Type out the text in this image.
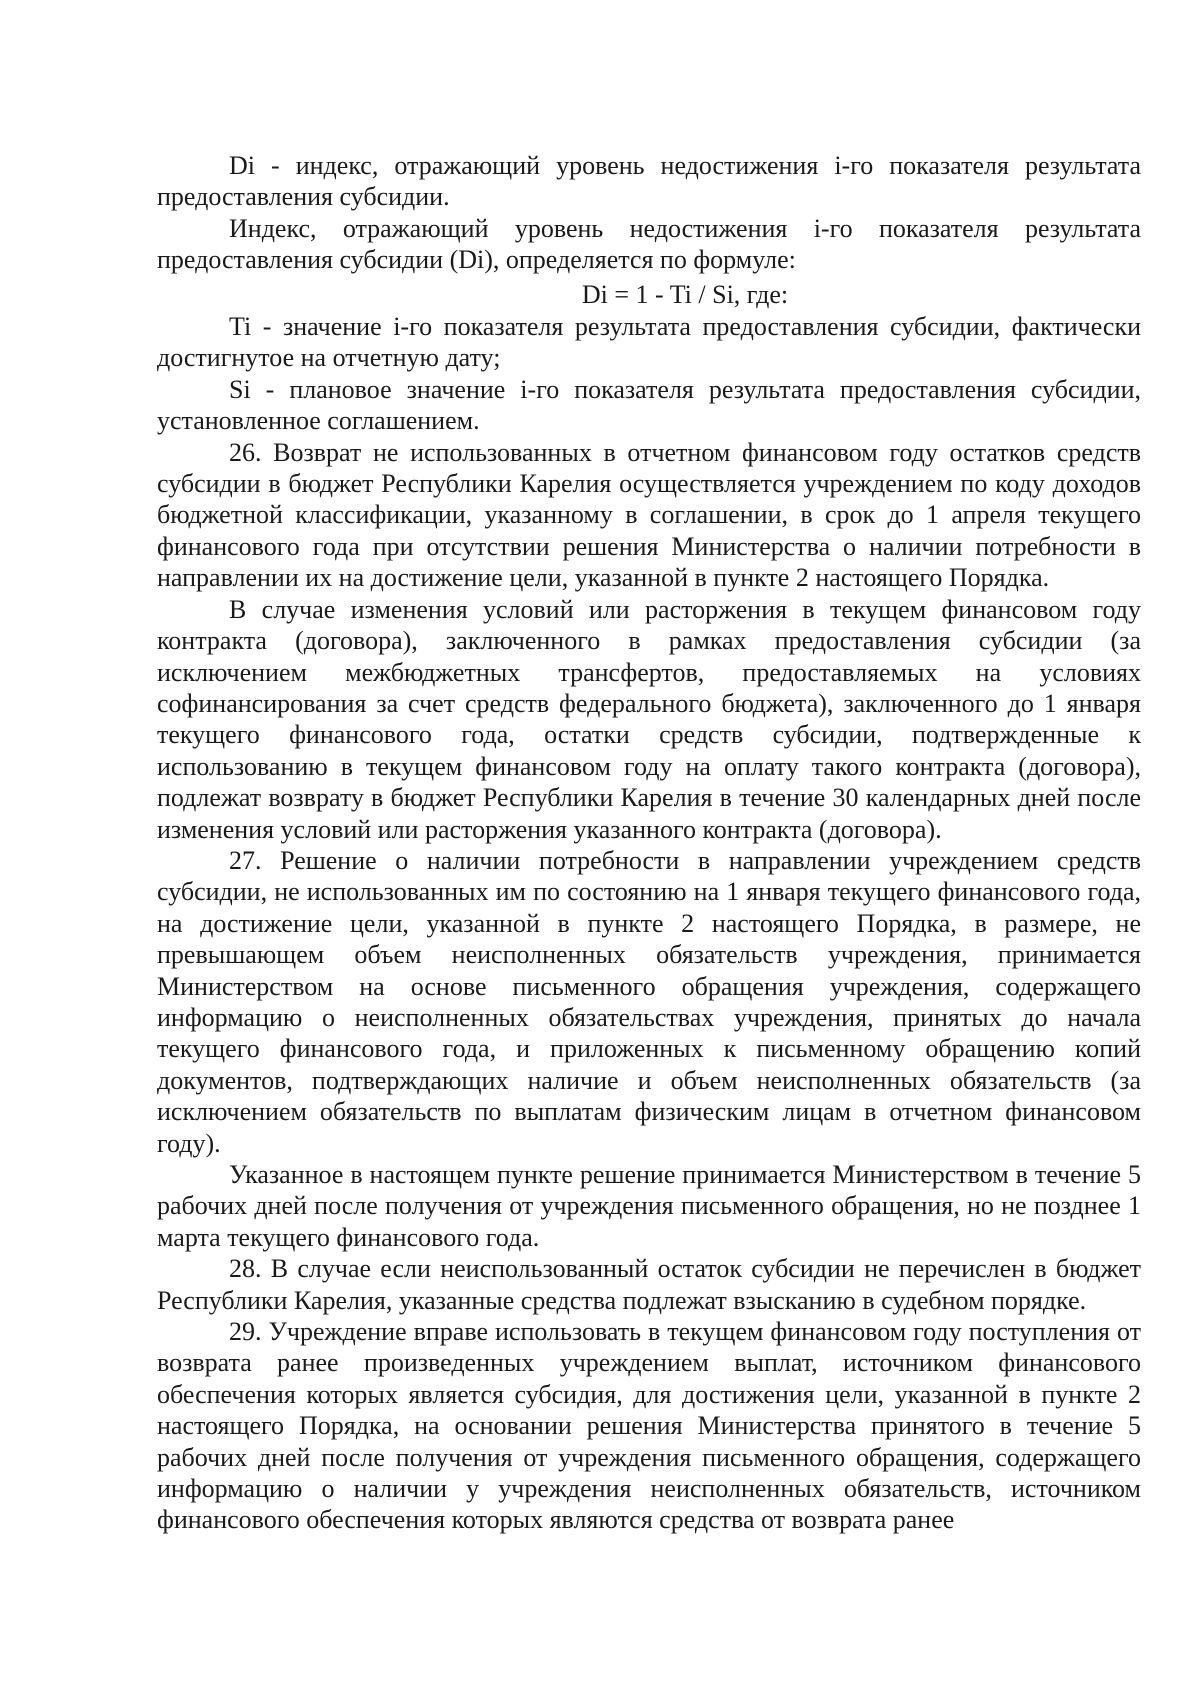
Di - индекс, отражающий уровень недостижения i-го показателя результата предоставления субсидии.

Индекс, отражающий уровень недостижения i-го показателя результата предоставления субсидии (Di), определяется по формуле:

Di = 1 - Ti / Si, где:

Ti - значение i-го показателя результата предоставления субсидии, фактически достигнутое на отчетную дату;

Si - плановое значение i-го показателя результата предоставления субсидии, установленное соглашением.

26. Возврат не использованных в отчетном финансовом году остатков средств субсидии в бюджет Республики Карелия осуществляется учреждением по коду доходов бюджетной классификации, указанному в соглашении, в срок до 1 апреля текущего финансового года при отсутствии решения Министерства о наличии потребности в направлении их на достижение цели, указанной в пункте 2 настоящего Порядка.

В случае изменения условий или расторжения в текущем финансовом году контракта (договора), заключенного в рамках предоставления субсидии (за исключением межбюджетных трансфертов, предоставляемых на условиях софинансирования за счет средств федерального бюджета), заключенного до 1 января текущего финансового года, остатки средств субсидии, подтвержденные к использованию в текущем финансовом году на оплату такого контракта (договора), подлежат возврату в бюджет Республики Карелия в течение 30 календарных дней после изменения условий или расторжения указанного контракта (договора).

27. Решение о наличии потребности в направлении учреждением средств субсидии, не использованных им по состоянию на 1 января текущего финансового года, на достижение цели, указанной в пункте 2 настоящего Порядка, в размере, не превышающем объем неисполненных обязательств учреждения, принимается Министерством на основе письменного обращения учреждения, содержащего информацию о неисполненных обязательствах учреждения, принятых до начала текущего финансового года, и приложенных к письменному обращению копий документов, подтверждающих наличие и объем неисполненных обязательств (за исключением обязательств по выплатам физическим лицам в отчетном финансовом году).

Указанное в настоящем пункте решение принимается Министерством в течение 5 рабочих дней после получения от учреждения письменного обращения, но не позднее 1 марта текущего финансового года.

28. В случае если неиспользованный остаток субсидии не перечислен в бюджет Республики Карелия, указанные средства подлежат взысканию в судебном порядке.

29. Учреждение вправе использовать в текущем финансовом году поступления от возврата ранее произведенных учреждением выплат, источником финансового обеспечения которых является субсидия, для достижения цели, указанной в пункте 2 настоящего Порядка, на основании решения Министерства принятого в течение 5 рабочих дней после получения от учреждения письменного обращения, содержащего информацию о наличии у учреждения неисполненных обязательств, источником финансового обеспечения которых являются средства от возврата ранее
